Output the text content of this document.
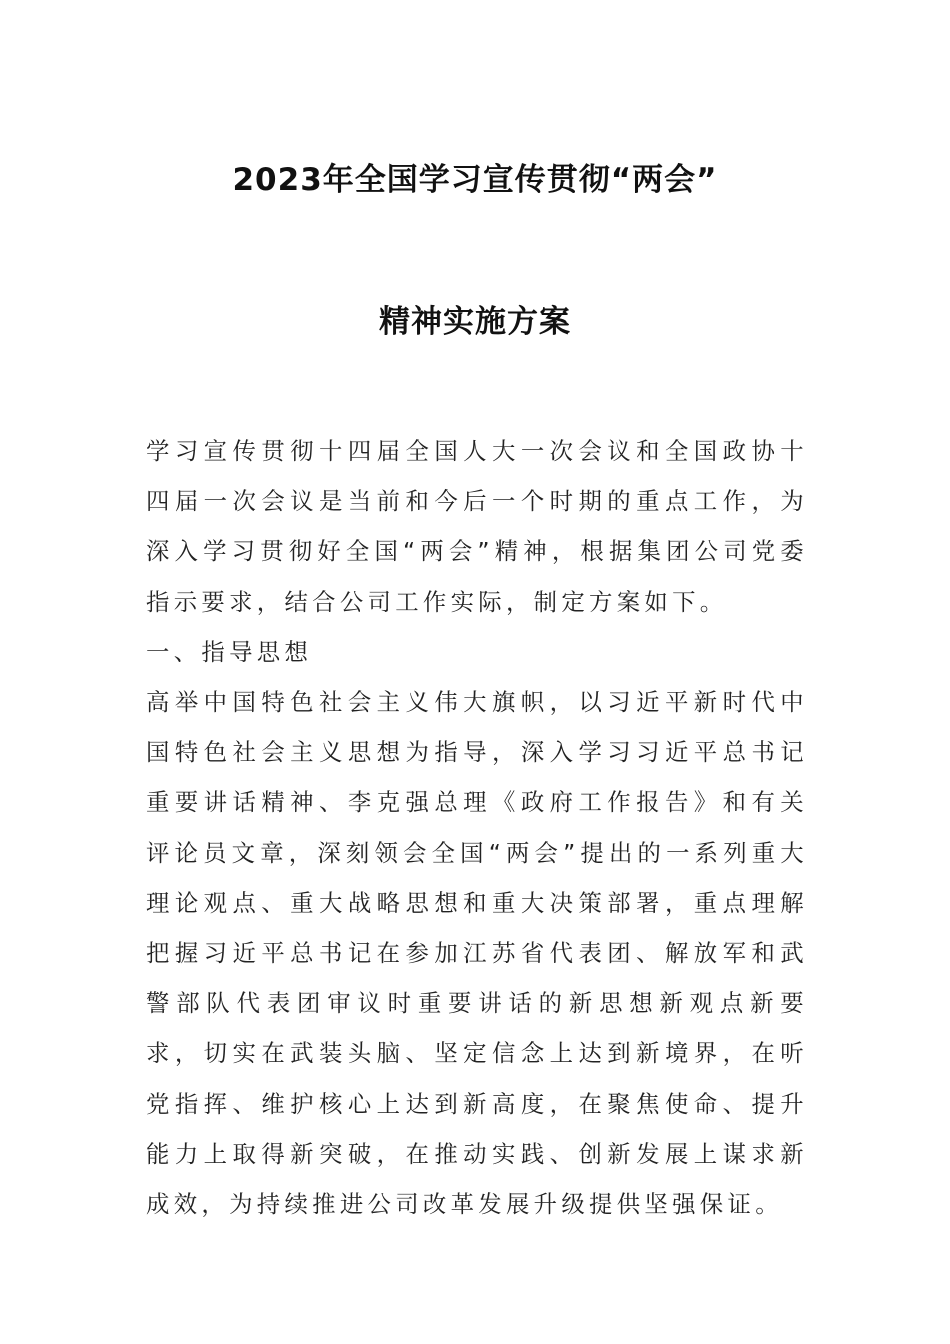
2023年全国学习宣传贯彻“两会”
精神实施方案

学习宣传贯彻十四届全国人大一次会议和全国政协十四届一次会议是当前和今后一个时期的重点工作，为深入学习贯彻好全国“两会”精神，根据集团公司党委指示要求，结合公司工作实际，制定方案如下。

一、指导思想

高举中国特色社会主义伟大旗帜，以习近平新时代中国特色社会主义思想为指导，深入学习习近平总书记重要讲话精神、李克强总理《政府工作报告》和有关评论员文章，深刻领会全国“两会”提出的一系列重大理论观点、重大战略思想和重大决策部署，重点理解把握习近平总书记在参加江苏省代表团、解放军和武警部队代表团审议时重要讲话的新思想新观点新要求，切实在武装头脑、坚定信念上达到新境界，在听党指挥、维护核心上达到新高度，在聚焦使命、提升能力上取得新突破，在推动实践、创新发展上谋求新成效，为持续推进公司改革发展升级提供坚强保证。
